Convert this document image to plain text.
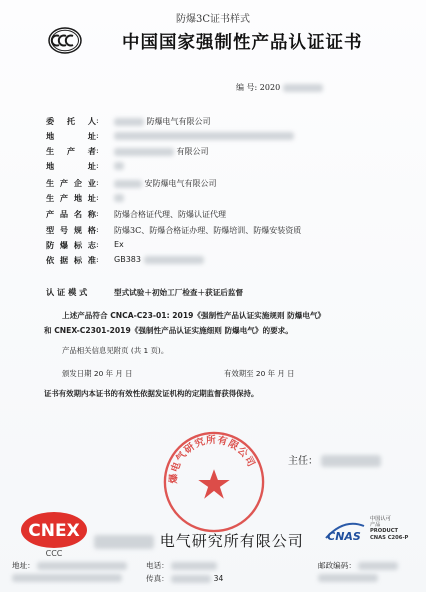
防爆3C证书样式
中国国家强制性产品认证证书
编 号: 2020
委　托　人 :	防爆电气有限公司
地　　　址 :
生　产　者 :	有限公司
地　　　址 :
生产企业 :	安防爆电气有限公司
生产地址 :
产品名称 : 防爆合格证代理、防爆认证代理
型号规格 : 防爆3C、防爆合格证办理、防爆培训、防爆安装资质
防爆标志 : Ex
依据标准 : GB383
认 证 模 式	型式试验＋初始工厂检查＋获证后监督
上述产品符合 CNCA-C23-01: 2019《强制性产品认证实施规则 防爆电气》
和 CNEX-C2301-2019《强制性产品认证实施细则 防爆电气》的要求。
产品相关信息见附页 (共 1 页)。
颁发日期 20 年 月 日	有效期至 20 年 月 日
证书有效期内本证书的有效性依据发证机构的定期监督获得保持。
主任：
爆电气研究所有限公司
CNEX
CCC
电气研究所有限公司 CNAS
中国认可
产品
PRODUCT
CNAS C206-P
地址：	电话：	邮政编码：
传真：	34
